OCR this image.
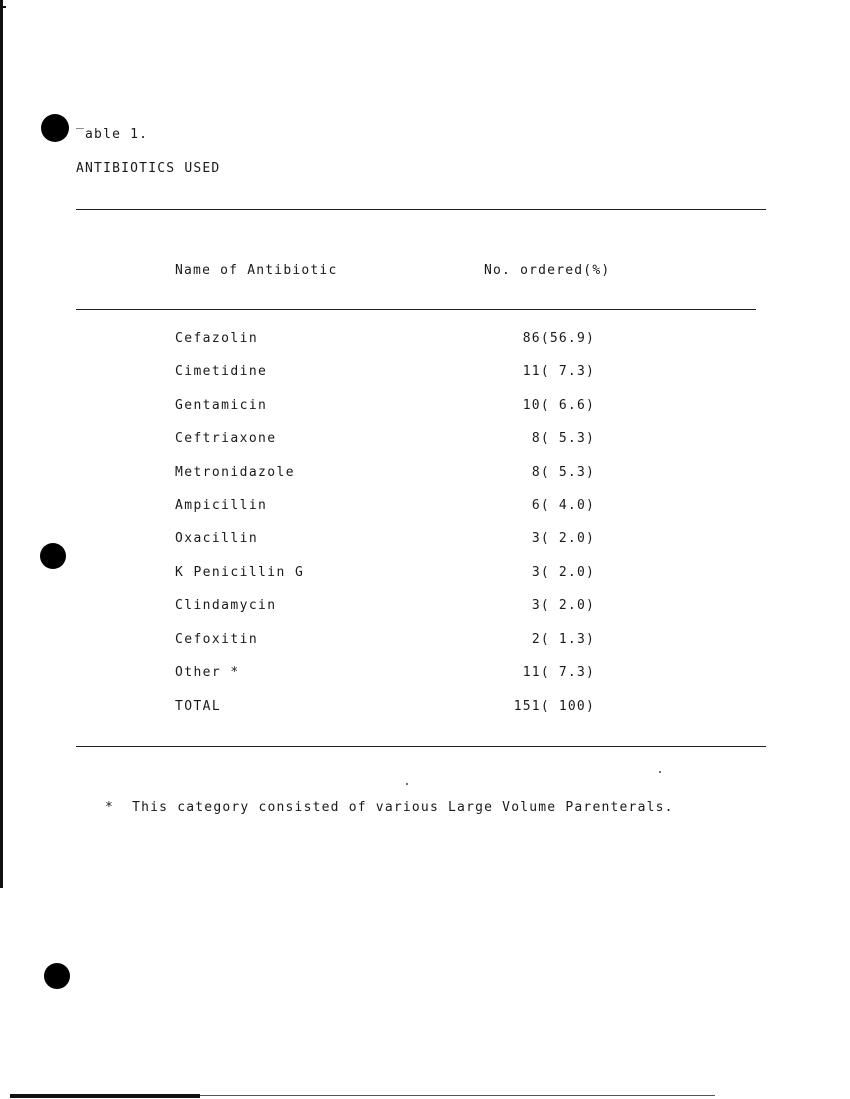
‾able 1.
ANTIBIOTICS USED
Name of Antibiotic	No. ordered(%)
Cefazolin	86(56.9)
Cimetidine	11( 7.3)
Gentamicin	10( 6.6)
Ceftriaxone	8( 5.3)
Metronidazole	8( 5.3)
Ampicillin	6( 4.0)
Oxacillin	3( 2.0)
K Penicillin G	3( 2.0)
Clindamycin	3( 2.0)
Cefoxitin	2( 1.3)
Other *	11( 7.3)
TOTAL	151( 100)
*  This category consisted of various Large Volume Parenterals.
